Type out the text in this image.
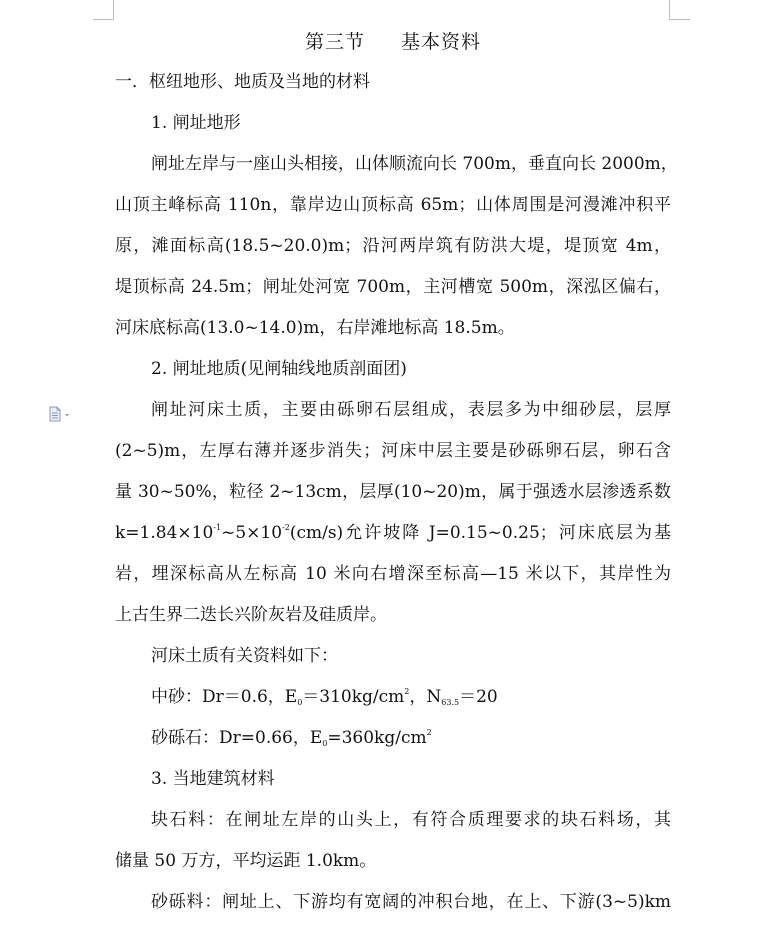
第三节 基本资料

一．枢纽地形、地质及当地的材料

1. 闸址地形

闸址左岸与一座山头相接，山体顺流向长 700m，垂直向长 2000m，

山顶主峰标高 110n，靠岸边山顶标高 65m；山体周围是河漫滩冲积平

原，滩面标高(18.5~20.0)m；沿河两岸筑有防洪大堤，堤顶宽 4m，

堤顶标高 24.5m；闸址处河宽 700m，主河槽宽 500m，深泓区偏右，

河床底标高(13.0~14.0)m，右岸滩地标高 18.5m。

2. 闸址地质(见闸轴线地质剖面团)

闸址河床土质，主要由砾卵石层组成，表层多为中细砂层，层厚

(2~5)m，左厚右薄并逐步消失；河床中层主要是砂砾卵石层，卵石含

量 30~50%，粒径 2~13cm，层厚(10~20)m，属于强透水层渗透系数

$k=1.84\times 10^{-1}\sim 5\times 10^{-2}(cm/s)$允许坡降 J=0.15~0.25；河床底层为基

岩，埋深标高从左标高 10 米向右增深至标高—15 米以下，其岸性为

上古生界二迭长兴阶灰岩及硅质岸。

河床土质有关资料如下：

中砂：Dr＝0.6，$E_0=310kg/cm^2$，$N_{63.5}=20$

砂砾石：Dr=0.66，$E_0=360kg/cm^2$

3. 当地建筑材料

块石料：在闸址左岸的山头上，有符合质理要求的块石料场，其

储量 50 万方，平均运距 1.0km。

砂砾料：闸址上、下游均有宽阔的冲积台地，在上、下游(3~5)km
